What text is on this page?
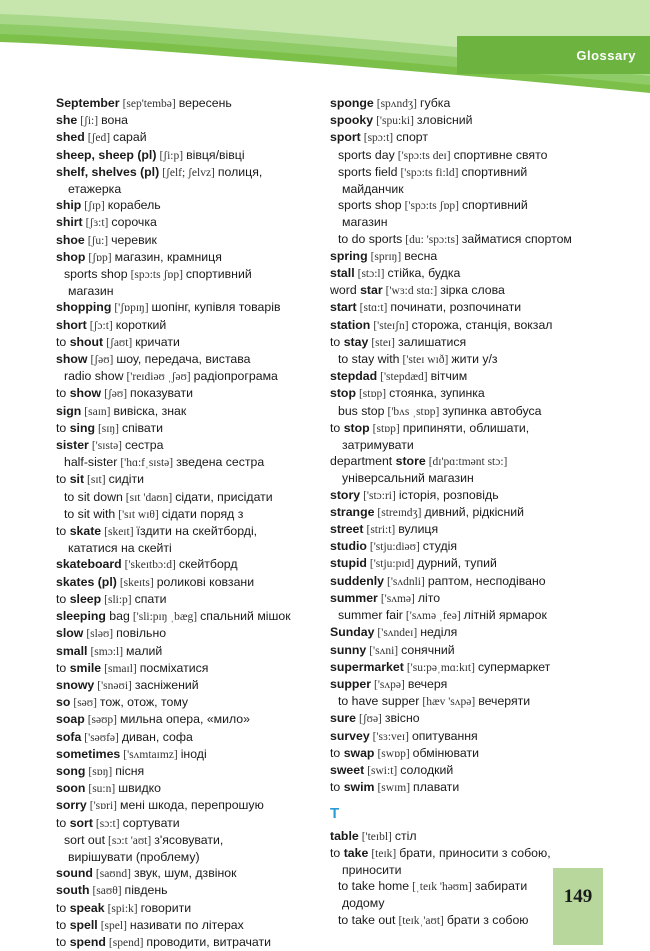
Glossary
September [sep'tembə] вересень
she [ʃi:] вона
shed [ʃed] сарай
sheep, sheep (pl) [ʃi:p] вівця/вівці
shelf, shelves (pl) [ʃelf; ʃelvz] полиця,
етажерка
ship [ʃɪp] корабель
shirt [ʃɜ:t] сорочка
shoe [ʃu:] черевик
shop [ʃɒp] магазин, крамниця
sports shop [spɔ:ts ʃɒp] спортивний
магазин
shopping ['ʃɒpɪŋ] шопінг, купівля товарів
short [ʃɔ:t] короткий
to shout [ʃaʊt] кричати
show [ʃəʊ] шоу, передача, вистава
radio show ['reɪdiəʊ ˌʃəʊ] радіопрограма
to show [ʃəʊ] показувати
sign [saɪn] вивіска, знак
to sing [sɪŋ] співати
sister ['sɪstə] сестра
half-sister ['hɑ:fˌsɪstə] зведена сестра
to sit [sɪt] сидіти
to sit down [sɪt 'daʊn] сідати, присідати
to sit with ['sɪt wɪθ] сідати поряд з
to skate [skeɪt] їздити на скейтборді,
кататися на скейті
skateboard ['skeɪtbɔ:d] скейтборд
skates (pl) [skeɪts] роликові ковзани
to sleep [sli:p] спати
sleeping bag ['sli:pɪŋ ˌbæg] спальний мішок
slow [sləʊ] повільно
small [smɔ:l] малий
to smile [smaɪl] посміхатися
snowy ['snəʊi] засніжений
so [səʊ] тож, отож, тому
soap [səʊp] мильна опера, «мило»
sofa ['səʊfə] диван, софа
sometimes ['sʌmtaɪmz] іноді
song [sɒŋ] пісня
soon [su:n] швидко
sorry ['sɒri] мені шкода, перепрошую
to sort [sɔ:t] сортувати
sort out [sɔ:t 'aʊt] з'ясовувати,
вирішувати (проблему)
sound [saʊnd] звук, шум, дзвінок
south [saʊθ] південь
to speak [spi:k] говорити
to spell [spel] називати по літерах
to spend [spend] проводити, витрачати
sponge [spʌndʒ] губка
spooky ['spu:ki] зловісний
sport [spɔ:t] спорт
sports day ['spɔ:ts deɪ] спортивне свято
sports field ['spɔ:ts fi:ld] спортивний
майданчик
sports shop ['spɔ:ts ʃɒp] спортивний
магазин
to do sports [du: 'spɔ:ts] займатися спортом
spring [sprɪŋ] весна
stall [stɔ:l] стійка, будка
word star ['wɜ:d stɑ:] зірка слова
start [stɑ:t] починати, розпочинати
station ['steɪʃn] сторожа, станція, вокзал
to stay [steɪ] залишатися
to stay with ['steɪ wɪð] жити у/з
stepdad ['stepdæd] вітчим
stop [stɒp] стоянка, зупинка
bus stop ['bʌs ˌstɒp] зупинка автобуса
to stop [stɒp] припиняти, облишати,
затримувати
department store [dɪ'pɑ:tmənt stɔ:]
універсальний магазин
story ['stɔ:ri] історія, розповідь
strange [streɪndʒ] дивний, рідкісний
street [stri:t] вулиця
studio ['stju:diəʊ] студія
stupid ['stju:pɪd] дурний, тупий
suddenly ['sʌdnli] раптом, несподівано
summer ['sʌmə] літо
summer fair ['sʌmə ˌfeə] літній ярмарок
Sunday ['sʌndeɪ] неділя
sunny ['sʌni] сонячний
supermarket ['su:pəˌmɑ:kɪt] супермаркет
supper ['sʌpə] вечеря
to have supper [hæv 'sʌpə] вечеряти
sure [ʃʊə] звісно
survey ['sɜ:veɪ] опитування
to swap [swɒp] обмінювати
sweet [swi:t] солодкий
to swim [swɪm] плавати
T
table ['teɪbl] стіл
to take [teɪk] брати, приносити з собою,
приносити
to take home [ˌteɪk 'həʊm] забирати
додому
to take out [teɪkˌ'aʊt] брати з собою
149
